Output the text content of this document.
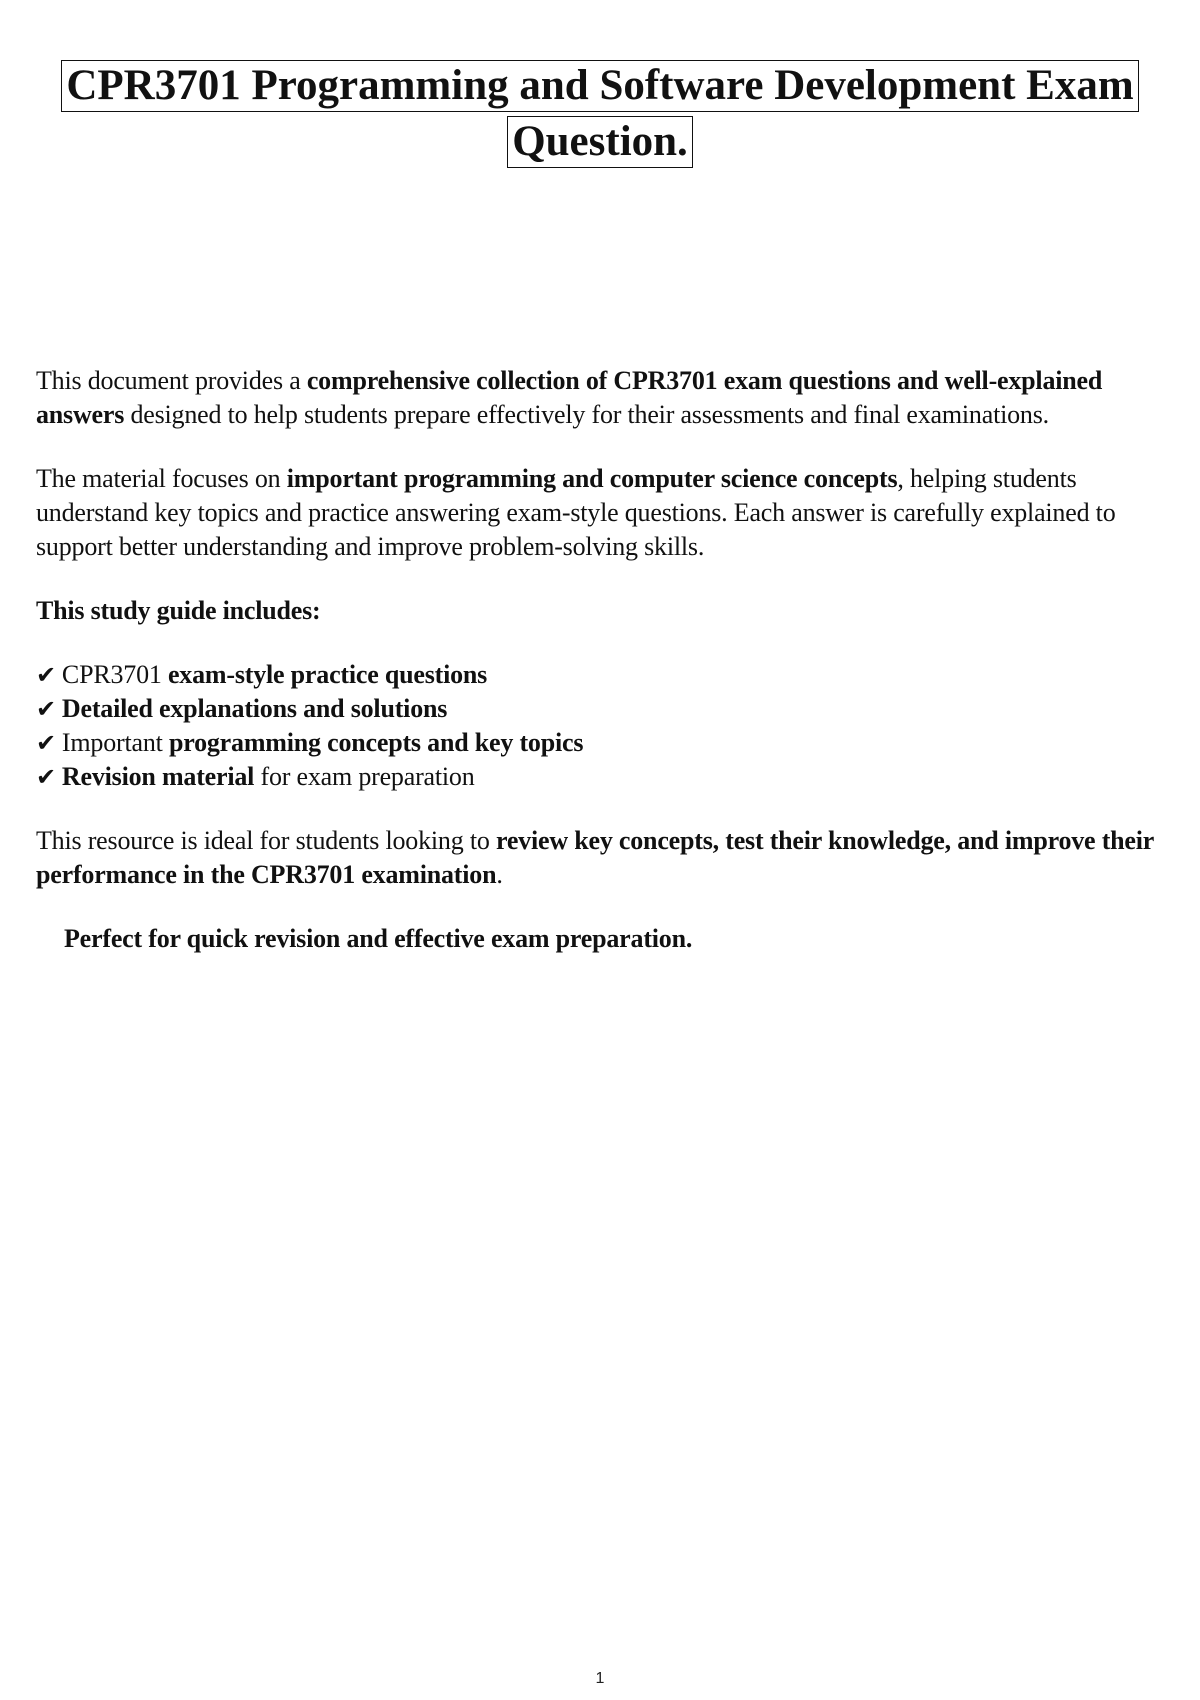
CPR3701 Programming and Software Development Exam
Question.

This document provides a comprehensive collection of CPR3701 exam questions and well-explained answers designed to help students prepare effectively for their assessments and final examinations.

The material focuses on important programming and computer science concepts, helping students understand key topics and practice answering exam-style questions. Each answer is carefully explained to support better understanding and improve problem-solving skills.

This study guide includes:

✔ CPR3701 exam-style practice questions
✔ Detailed explanations and solutions
✔ Important programming concepts and key topics
✔ Revision material for exam preparation

This resource is ideal for students looking to review key concepts, test their knowledge, and improve their performance in the CPR3701 examination.

Perfect for quick revision and effective exam preparation.

1
